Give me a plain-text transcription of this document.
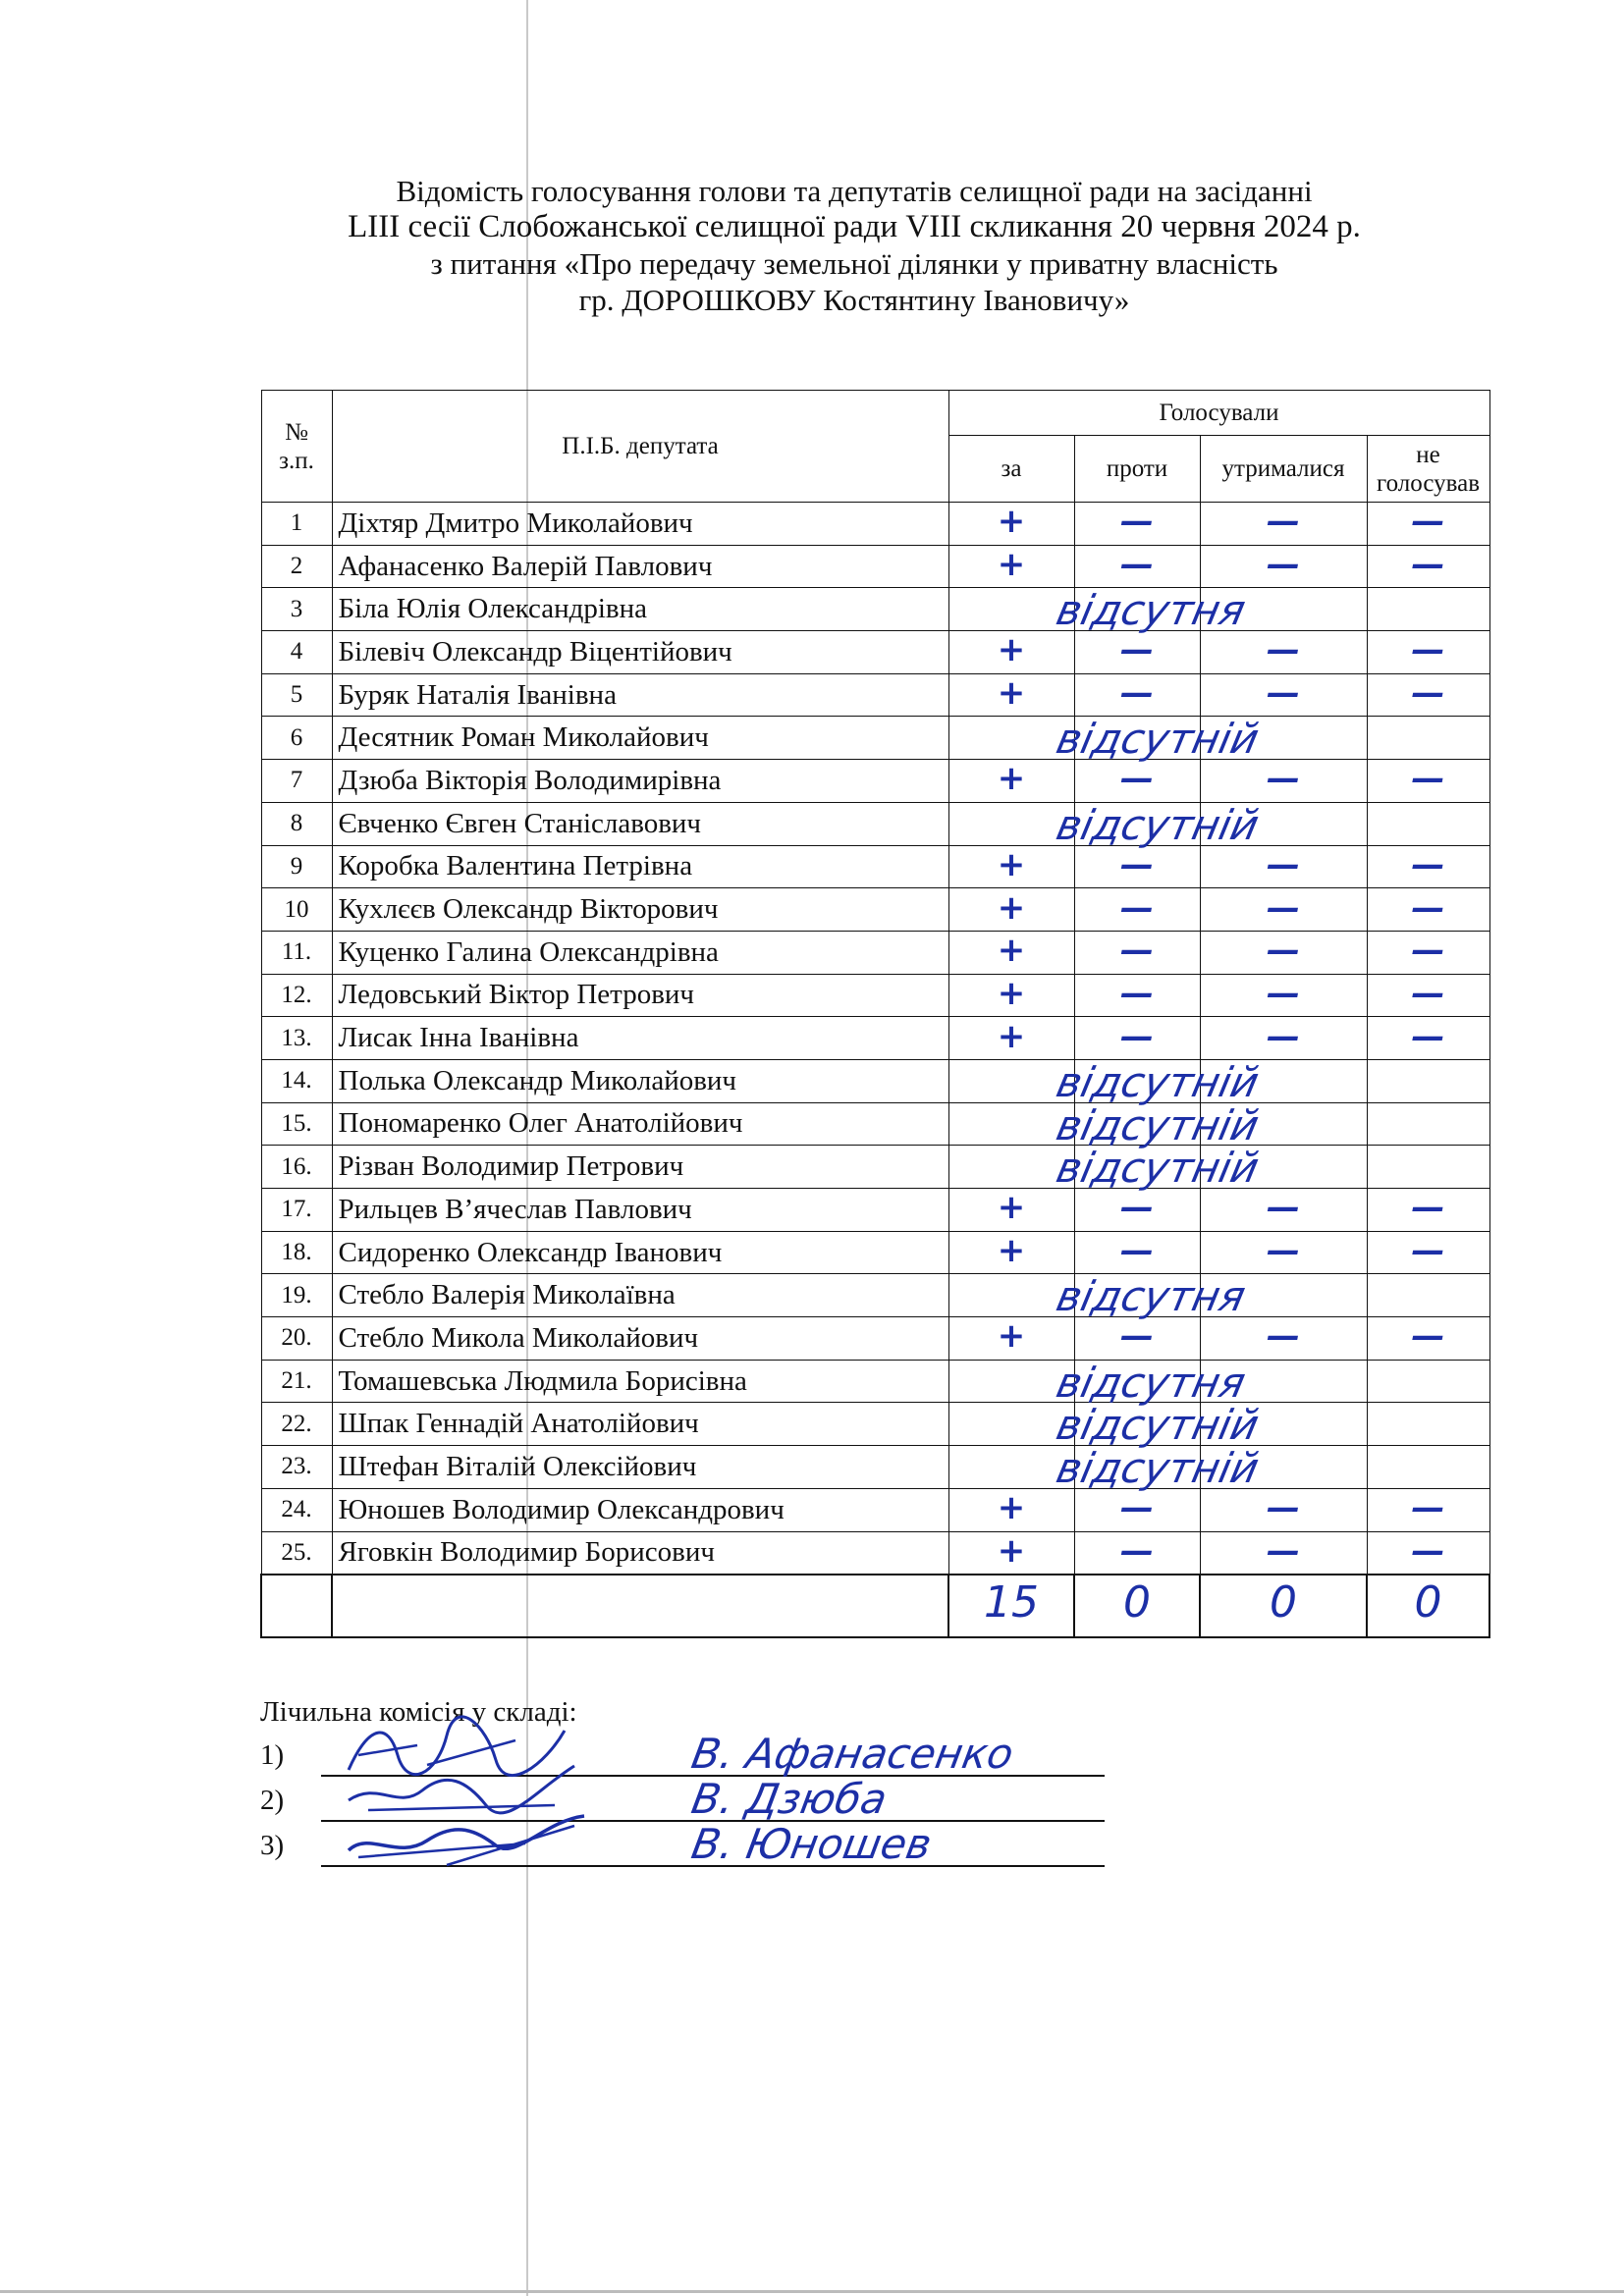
Відомість голосування голови та депутатів селищної ради на засіданні
LIII сесії Слобожанської селищної ради VIII скликання 20 червня 2024 р.
з питання «Про передачу земельної ділянки у приватну власність
гр. ДОРОШКОВУ Костянтину Івановичу»
№ з.п.	П.І.Б. депутата	Голосували			
		за	проти	утрималися	не голосував
1	Діхтяр Дмитро Миколайович	+	—	—	—
2	Афанасенко Валерій Павлович	+	—	—	—
3	Біла Юлія Олександрівна	відсутня			

4	Білевіч Олександр Віцентійович	+	—	—	—
5	Буряк Наталія Іванівна	+	—	—	—
6	Десятник Роман Миколайович	відсутній			

7	Дзюба Вікторія Володимирівна	+	—	—	—
8	Євченко Євген Станіславович	відсутній			

9	Коробка Валентина Петрівна	+	—	—	—
10	Кухлєєв Олександр Вікторович	+	—	—	—
11.	Куценко Галина Олександрівна	+	—	—	—
12.	Ледовський Віктор Петрович	+	—	—	—
13.	Лисак Інна Іванівна	+	—	—	—
14.	Полька Олександр Миколайович	відсутній			

15.	Пономаренко Олег Анатолійович	відсутній			

16.	Різван Володимир Петрович	відсутній			

17.	Рильцев В’ячеслав Павлович	+	—	—	—
18.	Сидоренко Олександр Іванович	+	—	—	—
19.	Стебло Валерія Миколаївна	відсутня			

20.	Стебло Микола Миколайович	+	—	—	—
21.	Томашевська Людмила Борисівна	відсутня			

22.	Шпак Геннадій Анатолійович	відсутній			

23.	Штефан Віталій Олексійович	відсутній			

24.	Юношев Володимир Олександрович	+	—	—	—
25.	Яговкін Володимир Борисович	+	—	—	—
		15	0	0	0
Лічильна комісія у складі:
1)	В. Афанасенко
2)	В. Дзюба
3)	В. Юношев
